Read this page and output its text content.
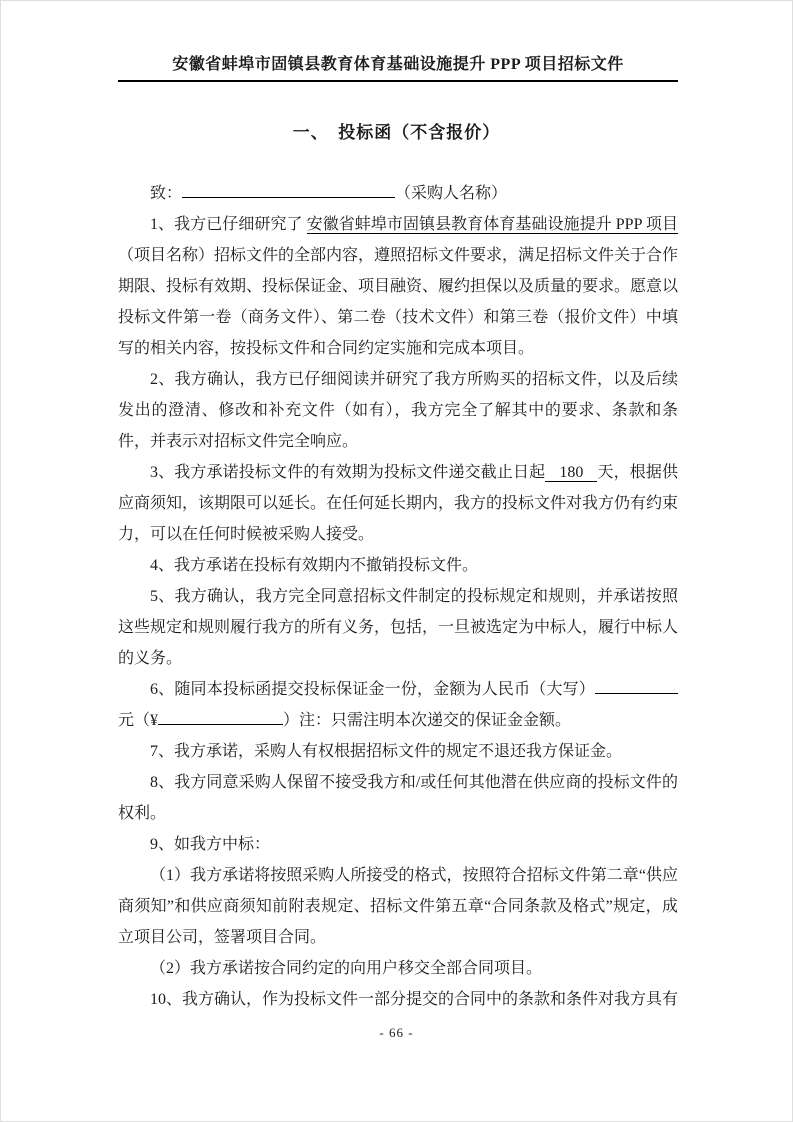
安徽省蚌埠市固镇县教育体育基础设施提升 PPP 项目招标文件
一、　投标函（不含报价）

致：	（采购人名称）

1、我方已仔细研究了 安徽省蚌埠市固镇县教育体育基础设施提升 PPP 项目（项目名称）招标文件的全部内容，遵照招标文件要求，满足招标文件关于合作期限、投标有效期、投标保证金、项目融资、履约担保以及质量的要求。愿意以投标文件第一卷（商务文件）、第二卷（技术文件）和第三卷（报价文件）中填写的相关内容，按投标文件和合同约定实施和完成本项目。

2、我方确认，我方已仔细阅读并研究了我方所购买的招标文件，以及后续发出的澄清、修改和补充文件（如有），我方完全了解其中的要求、条款和条件，并表示对招标文件完全响应。

3、我方承诺投标文件的有效期为投标文件递交截止日起 180 天，根据供应商须知，该期限可以延长。在任何延长期内，我方的投标文件对我方仍有约束力，可以在任何时候被采购人接受。

4、我方承诺在投标有效期内不撤销投标文件。

5、我方确认，我方完全同意招标文件制定的投标规定和规则，并承诺按照这些规定和规则履行我方的所有义务，包括，一旦被选定为中标人，履行中标人的义务。

6、随同本投标函提交投标保证金一份，金额为人民币（大写）元（¥	）注：只需注明本次递交的保证金金额。

7、我方承诺，采购人有权根据招标文件的规定不退还我方保证金。

8、我方同意采购人保留不接受我方和/或任何其他潜在供应商的投标文件的权利。

9、如我方中标：

（1）我方承诺将按照采购人所接受的格式，按照符合招标文件第二章“供应商须知”和供应商须知前附表规定、招标文件第五章“合同条款及格式”规定，成立项目公司，签署项目合同。

（2）我方承诺按合同约定的向用户移交全部合同项目。

10、我方确认，作为投标文件一部分提交的合同中的条款和条件对我方具有

- 66 -
